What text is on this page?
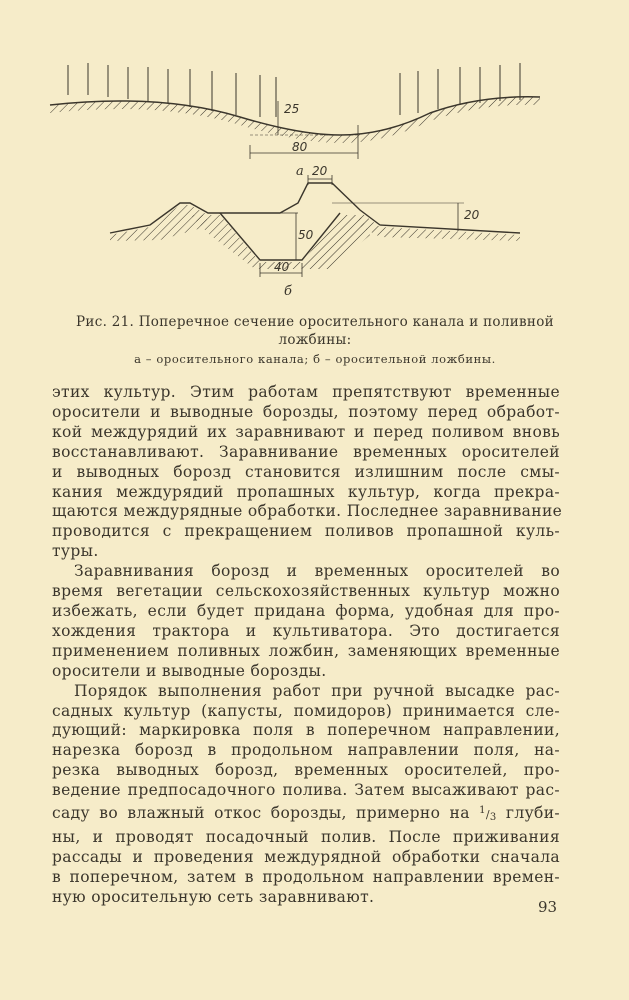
25
80
а 20
20
50
40
б
Рис. 21. Поперечное сечение оросительного канала и поливной
ложбины:
а – оросительного канала; б – оросительной ложбины.

этих культур. Этим работам препятствуют временные
оросители и выводные борозды, поэтому перед обработ-
кой междурядий их заравнивают и перед поливом вновь
восстанавливают. Заравнивание временных оросителей
и выводных борозд становится излишним после смы-
кания междурядий пропашных культур, когда прекра-
щаются междурядные обработки. Последнее заравнивание
проводится с прекращением поливов пропашной куль-
туры.

Заравнивания борозд и временных оросителей во
время вегетации сельскохозяйственных культур можно
избежать, если будет придана форма, удобная для про-
хождения трактора и культиватора. Это достигается
применением поливных ложбин, заменяющих временные
оросители и выводные борозды.

Порядок выполнения работ при ручной высадке рас-
садных культур (капусты, помидоров) принимается сле-
дующий: маркировка поля в поперечном направлении,
нарезка борозд в продольном направлении поля, на-
резка выводных борозд, временных оросителей, про-
ведение предпосадочного полива. Затем высаживают рас-
саду во влажный откос борозды, примерно на $^1/_3$ глуби-
ны, и проводят посадочный полив. После приживания
рассады и проведения междурядной обработки сначала
в поперечном, затем в продольном направлении времен-
ную оросительную сеть заравнивают.

93
